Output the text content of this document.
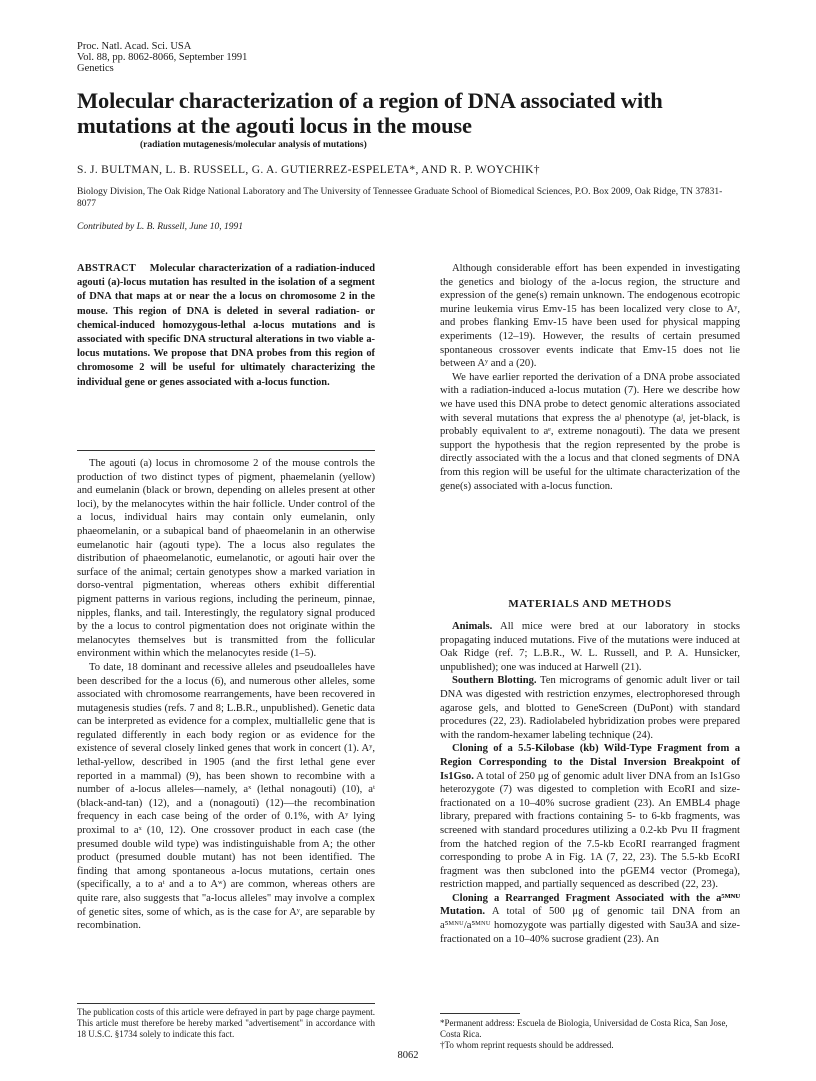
Proc. Natl. Acad. Sci. USA
Vol. 88, pp. 8062-8066, September 1991
Genetics
Molecular characterization of a region of DNA associated with mutations at the agouti locus in the mouse
(radiation mutagenesis/molecular analysis of mutations)
S. J. BULTMAN, L. B. RUSSELL, G. A. GUTIERREZ-ESPELETA*, AND R. P. WOYCHIK†
Biology Division, The Oak Ridge National Laboratory and The University of Tennessee Graduate School of Biomedical Sciences, P.O. Box 2009, Oak Ridge, TN 37831-8077
Contributed by L. B. Russell, June 10, 1991

ABSTRACT Molecular characterization of a radiation-induced agouti (a)-locus mutation has resulted in the isolation of a segment of DNA that maps at or near the a locus on chromosome 2 in the mouse. This region of DNA is deleted in several radiation- or chemical-induced homozygous-lethal a-locus mutations and is associated with specific DNA structural alterations in two viable a-locus mutations. We propose that DNA probes from this region of chromosome 2 will be useful for ultimately characterizing the individual gene or genes associated with a-locus function.

The agouti (a) locus in chromosome 2 of the mouse controls the production of two distinct types of pigment, phaemelanin (yellow) and eumelanin (black or brown, depending on alleles present at other loci), by the melanocytes within the hair follicle. Under control of the a locus, individual hairs may contain only eumelanin, only phaeomelanin, or a subapical band of phaeomelanin in an otherwise eumelanotic hair (agouti type). The a locus also regulates the distribution of phaeomelanotic, eumelanotic, or agouti hair over the surface of the animal; certain genotypes show a marked variation in dorso-ventral pigmentation, whereas others exhibit differential pigment patterns in various regions, including the perineum, pinnae, nipples, flanks, and tail. Interestingly, the regulatory signal produced by the a locus to control pigmentation does not originate within the melanocytes themselves but is transmitted from the follicular environment within which the melanocytes reside (1–5).

To date, 18 dominant and recessive alleles and pseudoalleles have been described for the a locus (6), and numerous other alleles, some associated with chromosome rearrangements, have been recovered in mutagenesis studies (refs. 7 and 8; L.B.R., unpublished). Genetic data can be interpreted as evidence for a complex, multiallelic gene that is regulated differently in each body region or as evidence for the existence of several closely linked genes that work in concert (1). Aʸ, lethal-yellow, described in 1905 (and the first lethal gene ever reported in a mammal) (9), has been shown to recombine with a number of a-locus alleles—namely, aˣ (lethal nonagouti) (10), aᵗ (black-and-tan) (12), and a (nonagouti) (12)—the recombination frequency in each case being of the order of 0.1%, with Aʸ lying proximal to aˣ (10, 12). One crossover product in each case (the presumed double wild type) was indistinguishable from A; the other product (presumed double mutant) has not been identified. The finding that among spontaneous a-locus mutations, certain ones (specifically, a to aᵗ and a to Aʷ) are common, whereas others are quite rare, also suggests that "a-locus alleles" may involve a complex of genetic sites, some of which, as is the case for Aʸ, are separable by recombination.

Although considerable effort has been expended in investigating the genetics and biology of the a-locus region, the structure and expression of the gene(s) remain unknown. The endogenous ecotropic murine leukemia virus Emv-15 has been localized very close to Aʸ, and probes flanking Emv-15 have been used for physical mapping experiments (12–19). However, the results of certain presumed spontaneous crossover events indicate that Emv-15 does not lie between Aʸ and a (20).

We have earlier reported the derivation of a DNA probe associated with a radiation-induced a-locus mutation (7). Here we describe how we have used this DNA probe to detect genomic alterations associated with several mutations that express the aʲ phenotype (aʲ, jet-black, is probably equivalent to aᵉ, extreme nonagouti). The data we present support the hypothesis that the region represented by the probe is directly associated with the a locus and that cloned segments of DNA from this region will be useful for the ultimate characterization of the gene(s) associated with a-locus function.

MATERIALS AND METHODS

Animals. All mice were bred at our laboratory in stocks propagating induced mutations. Five of the mutations were induced at Oak Ridge (ref. 7; L.B.R., W. L. Russell, and P. A. Hunsicker, unpublished); one was induced at Harwell (21).

Southern Blotting. Ten micrograms of genomic adult liver or tail DNA was digested with restriction enzymes, electrophoresed through agarose gels, and blotted to GeneScreen (DuPont) with standard procedures (22, 23). Radiolabeled hybridization probes were prepared with the random-hexamer labeling technique (24).

Cloning of a 5.5-Kilobase (kb) Wild-Type Fragment from a Region Corresponding to the Distal Inversion Breakpoint of Is1Gso. A total of 250 μg of genomic adult liver DNA from an Is1Gso heterozygote (7) was digested to completion with EcoRI and size-fractionated on a 10–40% sucrose gradient (23). An EMBL4 phage library, prepared with fractions containing 5- to 6-kb fragments, was screened with standard procedures utilizing a 0.2-kb Pvu II fragment from the hatched region of the 7.5-kb EcoRI rearranged fragment corresponding to probe A in Fig. 1A (7, 22, 23). The 5.5-kb EcoRI fragment was then subcloned into the pGEM4 vector (Promega), restriction mapped, and partially sequenced as described (22, 23).

Cloning a Rearranged Fragment Associated with the a⁵ᴹᴺᵁ Mutation. A total of 500 μg of genomic tail DNA from an a⁵ᴹᴺᵁ/a⁵ᴹᴺᵁ homozygote was partially digested with Sau3A and size-fractionated on a 10–40% sucrose gradient (23). An

The publication costs of this article were defrayed in part by page charge payment. This article must therefore be hereby marked "advertisement" in accordance with 18 U.S.C. §1734 solely to indicate this fact.
*Permanent address: Escuela de Biologia, Universidad de Costa Rica, San Jose, Costa Rica.
†To whom reprint requests should be addressed.
8062
